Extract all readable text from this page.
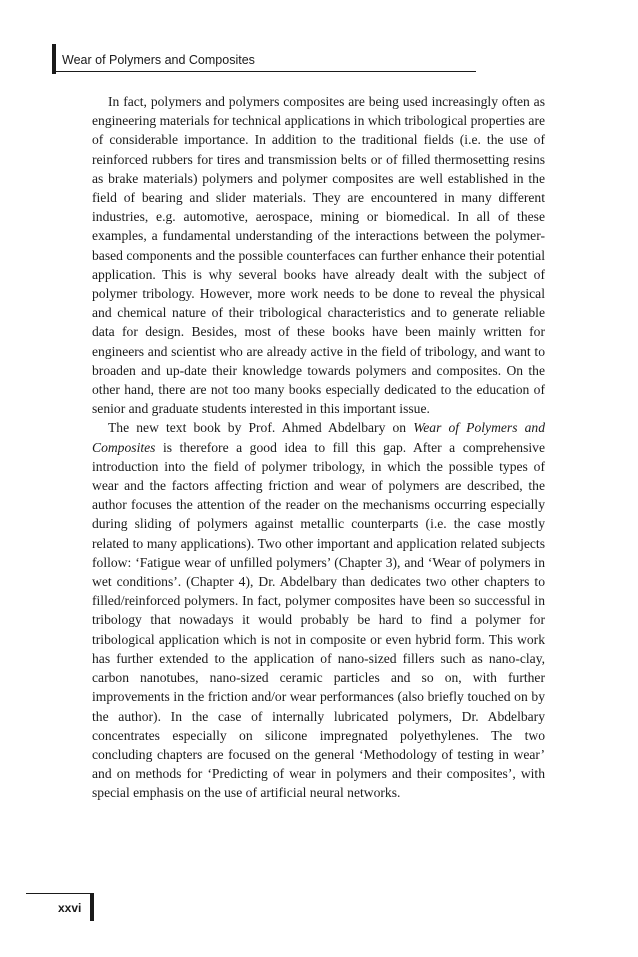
Wear of Polymers and Composites

In fact, polymers and polymers composites are being used increasingly often as engineering materials for technical applications in which tribological properties are of considerable importance. In addition to the traditional fields (i.e. the use of reinforced rubbers for tires and transmission belts or of filled thermosetting resins as brake materials) polymers and polymer composites are well established in the field of bearing and slider materials. They are encountered in many different industries, e.g. automotive, aerospace, mining or biomedical. In all of these examples, a fundamental understanding of the interactions between the polymer-based components and the possible counterfaces can further enhance their potential application. This is why several books have already dealt with the subject of polymer tribology. However, more work needs to be done to reveal the physical and chemical nature of their tribological characteristics and to generate reliable data for design. Besides, most of these books have been mainly written for engineers and scientist who are already active in the field of tribology, and want to broaden and up-date their knowledge towards polymers and composites. On the other hand, there are not too many books especially dedicated to the education of senior and graduate students interested in this important issue.

The new text book by Prof. Ahmed Abdelbary on Wear of Polymers and Composites is therefore a good idea to fill this gap. After a comprehensive introduction into the field of polymer tribology, in which the possible types of wear and the factors affecting friction and wear of polymers are described, the author focuses the attention of the reader on the mechanisms occurring especially during sliding of polymers against metallic counterparts (i.e. the case mostly related to many applications). Two other important and application related subjects follow: ‘Fatigue wear of unfilled polymers’ (Chapter 3), and ‘Wear of polymers in wet conditions’. (Chapter 4), Dr. Abdelbary than dedicates two other chapters to filled/reinforced polymers. In fact, polymer composites have been so successful in tribology that nowadays it would probably be hard to find a polymer for tribological application which is not in composite or even hybrid form. This work has further extended to the application of nano-sized fillers such as nano-clay, carbon nanotubes, nano-sized ceramic particles and so on, with further improvements in the friction and/or wear performances (also briefly touched on by the author). In the case of internally lubricated polymers, Dr. Abdelbary concentrates especially on silicone impregnated polyethylenes. The two concluding chapters are focused on the general ‘Methodology of testing in wear’ and on methods for ‘Predicting of wear in polymers and their composites’, with special emphasis on the use of artificial neural networks.

xxvi
